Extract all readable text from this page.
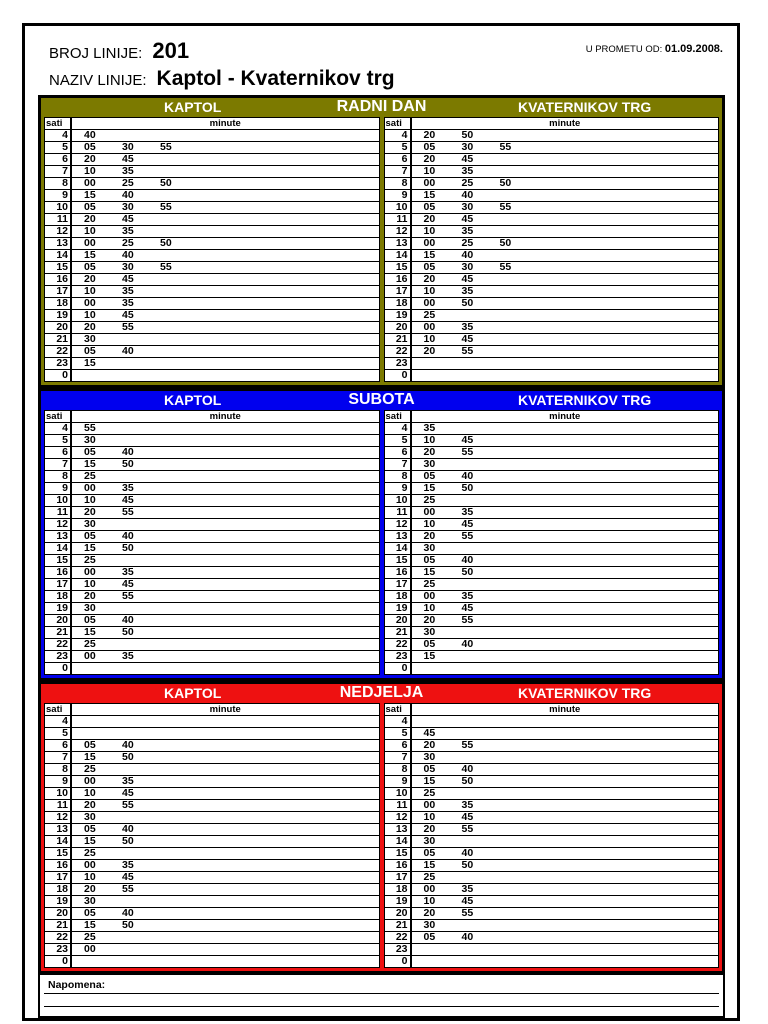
BROJ LINIJE: 201	U PROMETU OD: 01.09.2008.
NAZIV LINIJE: Kaptol - Kvaternikov trg
KAPTOL	RADNI DAN	KVATERNIKOV TRG
sati	minute
4	40
5	05	30	55
6	20	45
7	10	35
8	00	25	50
9	15	40
10	05	30	55
11	20	45
12	10	35
13	00	25	50
14	15	40
15	05	30	55
16	20	45
17	10	35
18	00	35
19	10	45
20	20	55
21	30
22	05	40
23	15
0
sati	minute
4	20	50
5	05	30	55
6	20	45
7	10	35
8	00	25	50
9	15	40
10	05	30	55
11	20	45
12	10	35
13	00	25	50
14	15	40
15	05	30	55
16	20	45
17	10	35
18	00	50
19	25
20	00	35
21	10	45
22	20	55
23
0
KAPTOL	SUBOTA	KVATERNIKOV TRG
sati	minute
4	55
5	30
6	05	40
7	15	50
8	25
9	00	35
10	10	45
11	20	55
12	30
13	05	40
14	15	50
15	25
16	00	35
17	10	45
18	20	55
19	30
20	05	40
21	15	50
22	25
23	00	35
0
sati	minute
4	35
5	10	45
6	20	55
7	30
8	05	40
9	15	50
10	25
11	00	35
12	10	45
13	20	55
14	30
15	05	40
16	15	50
17	25
18	00	35
19	10	45
20	20	55
21	30
22	05	40
23	15
0
KAPTOL	NEDJELJA	KVATERNIKOV TRG
sati	minute
4
5
6	05	40
7	15	50
8	25
9	00	35
10	10	45
11	20	55
12	30
13	05	40
14	15	50
15	25
16	00	35
17	10	45
18	20	55
19	30
20	05	40
21	15	50
22	25
23	00
0
sati	minute
4
5	45
6	20	55
7	30
8	05	40
9	15	50
10	25
11	00	35
12	10	45
13	20	55
14	30
15	05	40
16	15	50
17	25
18	00	35
19	10	45
20	20	55
21	30
22	05	40
23
0
Napomena:
